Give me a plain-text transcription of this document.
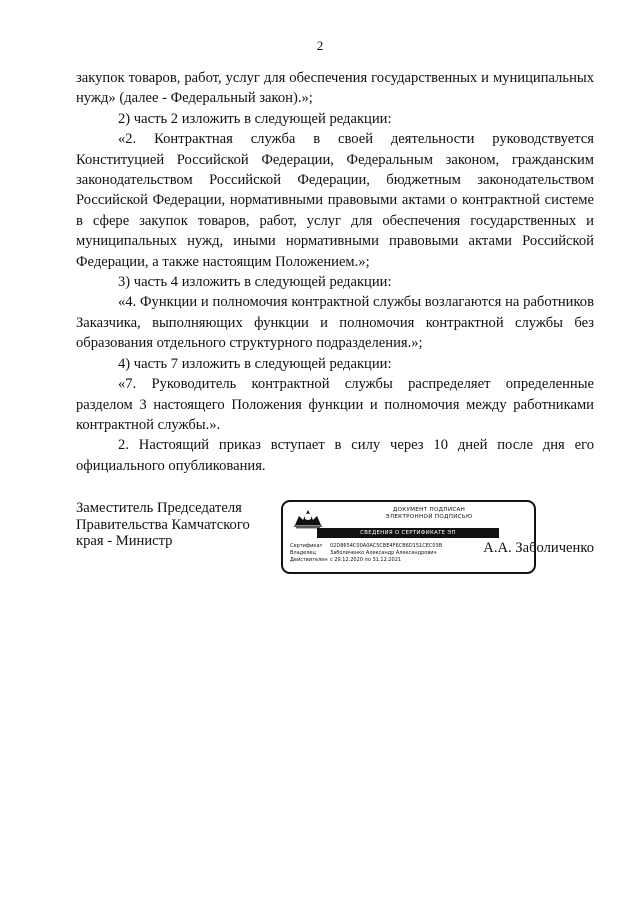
2

закупок товаров, работ, услуг для обеспечения государственных и муниципальных нужд» (далее - Федеральный закон).»;

2) часть 2 изложить в следующей редакции:

«2. Контрактная служба в своей деятельности руководствуется Конституцией Российской Федерации, Федеральным законом, гражданским законодательством Российской Федерации, бюджетным законодательством Российской Федерации, нормативными правовыми актами о контрактной системе в сфере закупок товаров, работ, услуг для обеспечения государственных и муниципальных нужд, иными нормативными правовыми актами Российской Федерации, а также настоящим Положением.»;

3) часть 4 изложить в следующей редакции:

«4. Функции и полномочия контрактной службы возлагаются на работников Заказчика, выполняющих функции и полномочия контрактной службы без образования отдельного структурного подразделения.»;

4) часть 7 изложить в следующей редакции:

«7. Руководитель контрактной службы распределяет определенные разделом 3 настоящего Положения функции и полномочия между работниками контрактной службы.».

2. Настоящий приказ вступает в силу через 10 дней после дня его официального опубликования.

Заместитель Председателя
Правительства Камчатского
края - Министр
ДОКУМЕНТ ПОДПИСАН
ЭЛЕКТРОННОЙ ПОДПИСЬЮ
СВЕДЕНИЯ О СЕРТИФИКАТЕ ЭП
Сертификат	02D8654C00A0AC5CBE4F6CB6D151CEC03B
Владелец	Заболиченко Александр Александрович
Действителен с 29.12.2020 по 31.12.2021
А.А. Заболиченко
